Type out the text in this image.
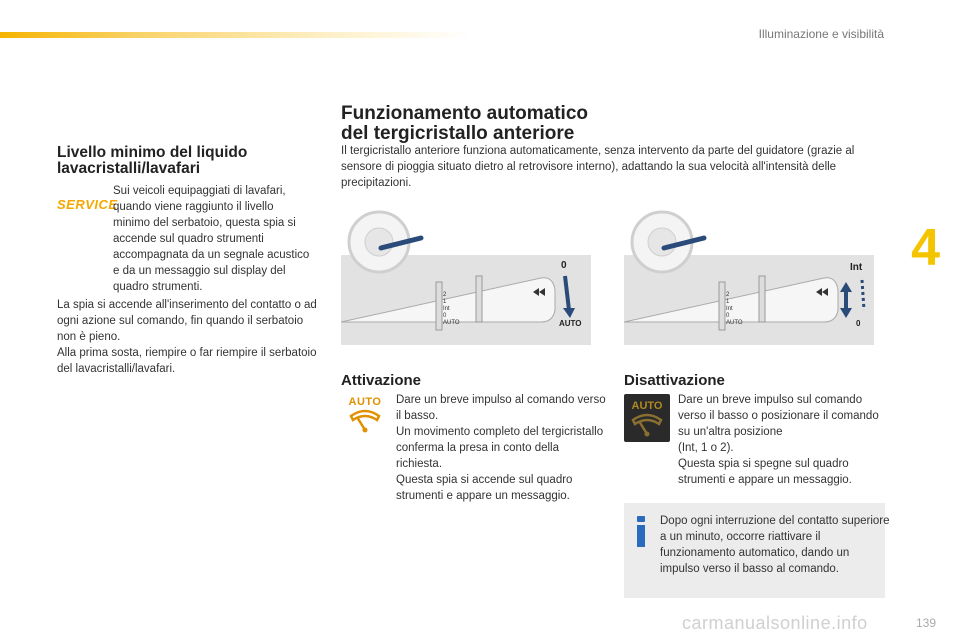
Illuminazione e visibilità
4
139
carmanualsonline.info
Livello minimo del liquido lavacristalli/lavafari
SERVICE

Sui veicoli equipaggiati di lavafari, quando viene raggiunto il livello minimo del serbatoio, questa spia si accende sul quadro strumenti accompagnata da un segnale acustico e da un messaggio sul display del quadro strumenti.

La spia si accende all'inserimento del contatto o ad ogni azione sul comando, fin quando il serbatoio non è pieno.
Alla prima sosta, riempire o far riempire il serbatoio del lavacristalli/lavafari.
Funzionamento automatico
del tergicristallo anteriore

Il tergicristallo anteriore funziona automaticamente, senza intervento da parte del guidatore (grazie al sensore di pioggia situato dietro al retrovisore interno), adattando la sua velocità all'intensità delle precipitazioni.

2
1
Int
0
AUTO
0
AUTO
2
1
Int
0
AUTO
Int
0
Attivazione
AUTO Dare un breve impulso al comando verso il basso.
Un movimento completo del tergicristallo conferma la presa in conto della richiesta.
Questa spia si accende sul quadro strumenti e appare un messaggio.
Disattivazione
AUTO	Dare un breve impulso sul comando verso il basso o posizionare il comando su un'altra posizione
(Int, 1 o 2).
Questa spia si spegne sul quadro strumenti e appare un messaggio.

Dopo ogni interruzione del contatto superiore a un minuto, occorre riattivare il funzionamento automatico, dando un impulso verso il basso al comando.
